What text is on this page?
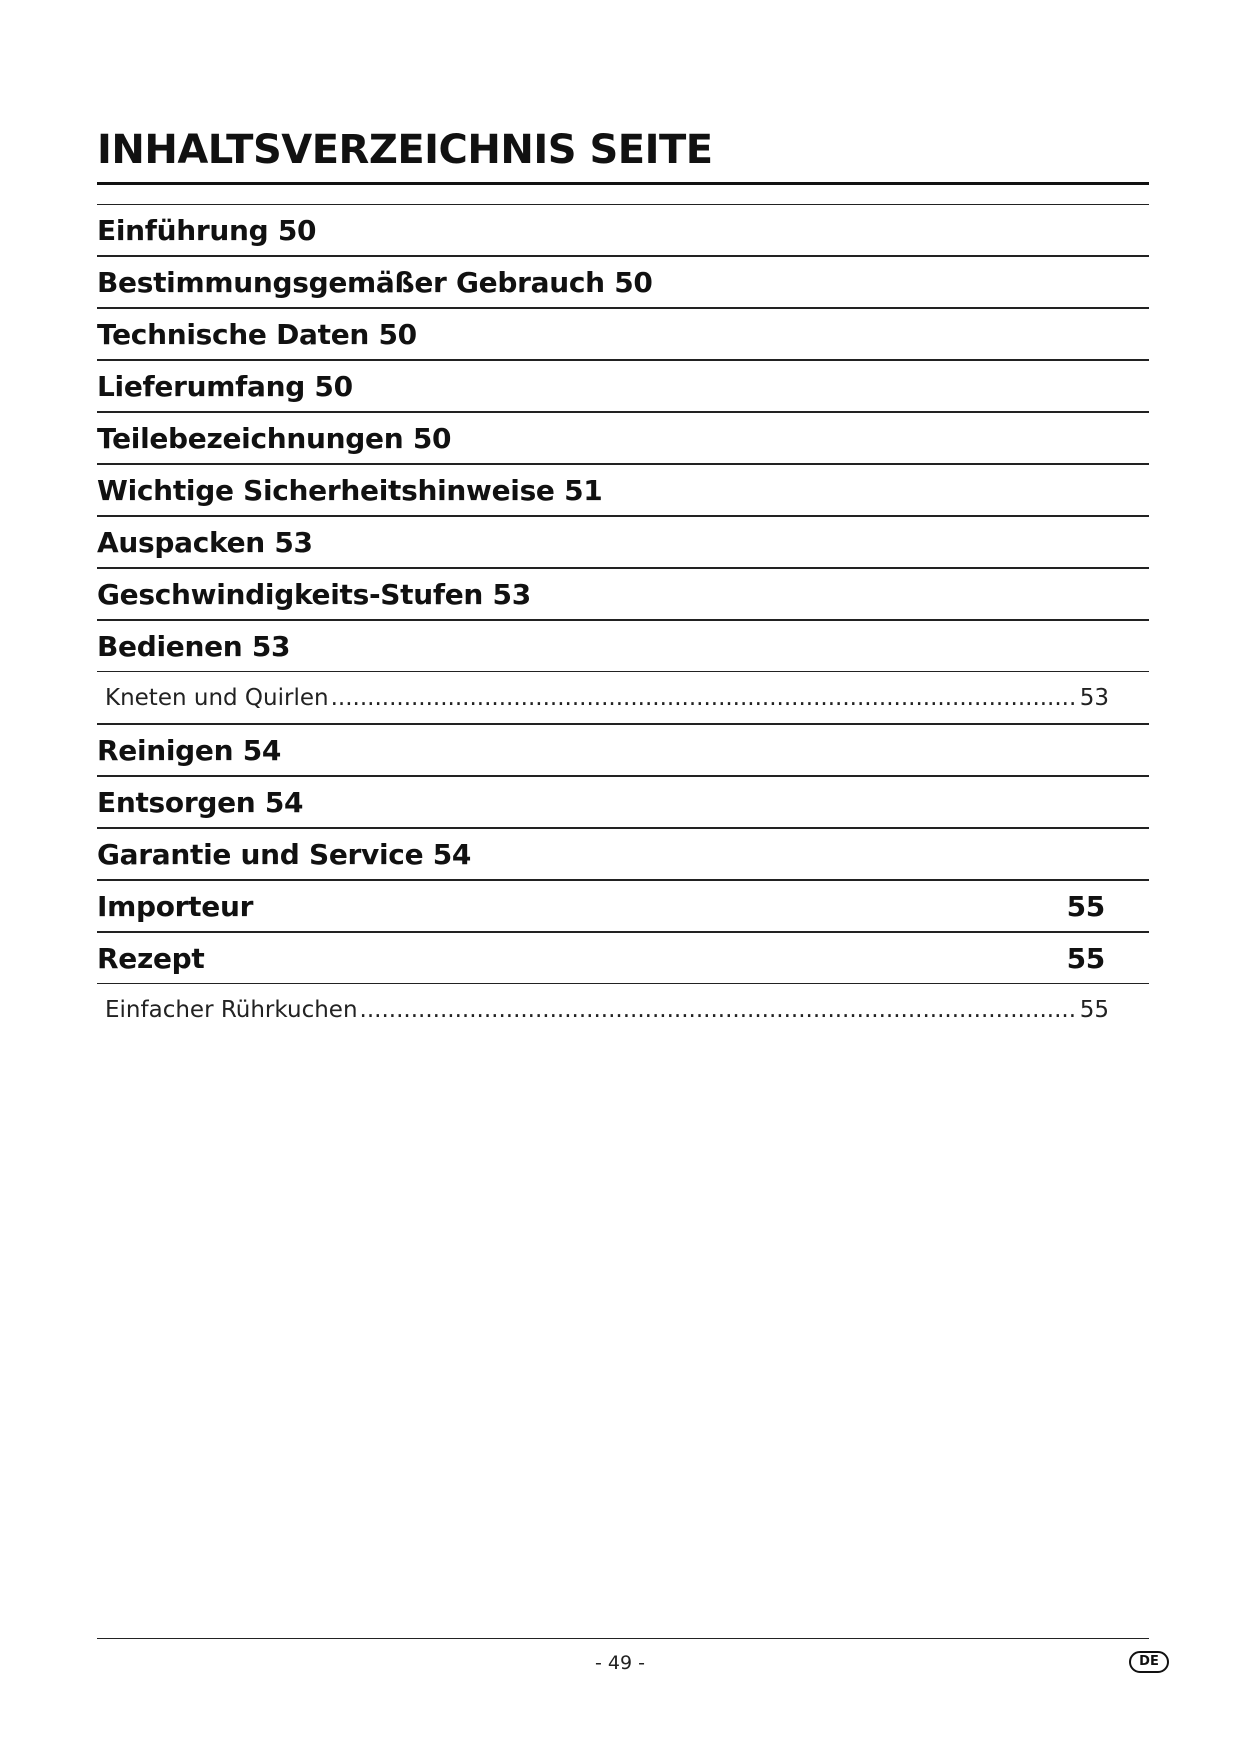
INHALTSVERZEICHNIS SEITE
Einführung 50
Bestimmungsgemäßer Gebrauch 50
Technische Daten 50
Lieferumfang 50
Teilebezeichnungen 50
Wichtige Sicherheitshinweise 51
Auspacken 53
Geschwindigkeits-Stufen 53
Bedienen 53
Kneten und Quirlen .....	53
Reinigen 54
Entsorgen 54
Garantie und Service 54
Importeur	55
Rezept	55
Einfacher Rührkuchen .....	55
- 49 -	DE
